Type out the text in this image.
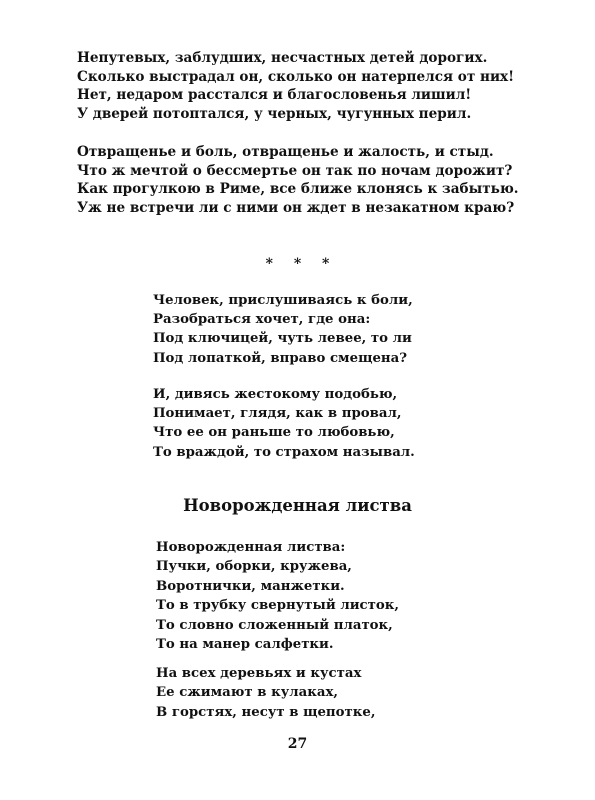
Непутевых, заблудших, несчастных детей дорогих.
Сколько выстрадал он, сколько он натерпелся от них!
Нет, недаром расстался и благословенья лишил!
У дверей потоптался, у черных, чугунных перил.
Отвращенье и боль, отвращенье и жалость, и стыд.
Что ж мечтой о бессмертье он так по ночам дорожит?
Как прогулкою в Риме, все ближе клонясь к забытью.
Уж не встречи ли с ними он ждет в незакатном краю?
* * *
Человек, прислушиваясь к боли,
Разобраться хочет, где она:
Под ключицей, чуть левее, то ли
Под лопаткой, вправо смещена?
И, дивясь жестокому подобью,
Понимает, глядя, как в провал,
Что ее он раньше то любовью,
То враждой, то страхом называл.
Новорожденная листва
Новорожденная листва:
Пучки, оборки, кружева,
Воротнички, манжетки.
То в трубку свернутый листок,
То словно сложенный платок,
То на манер салфетки.
На всех деревьях и кустах
Ее сжимают в кулаках,
В горстях, несут в щепотке,
27
